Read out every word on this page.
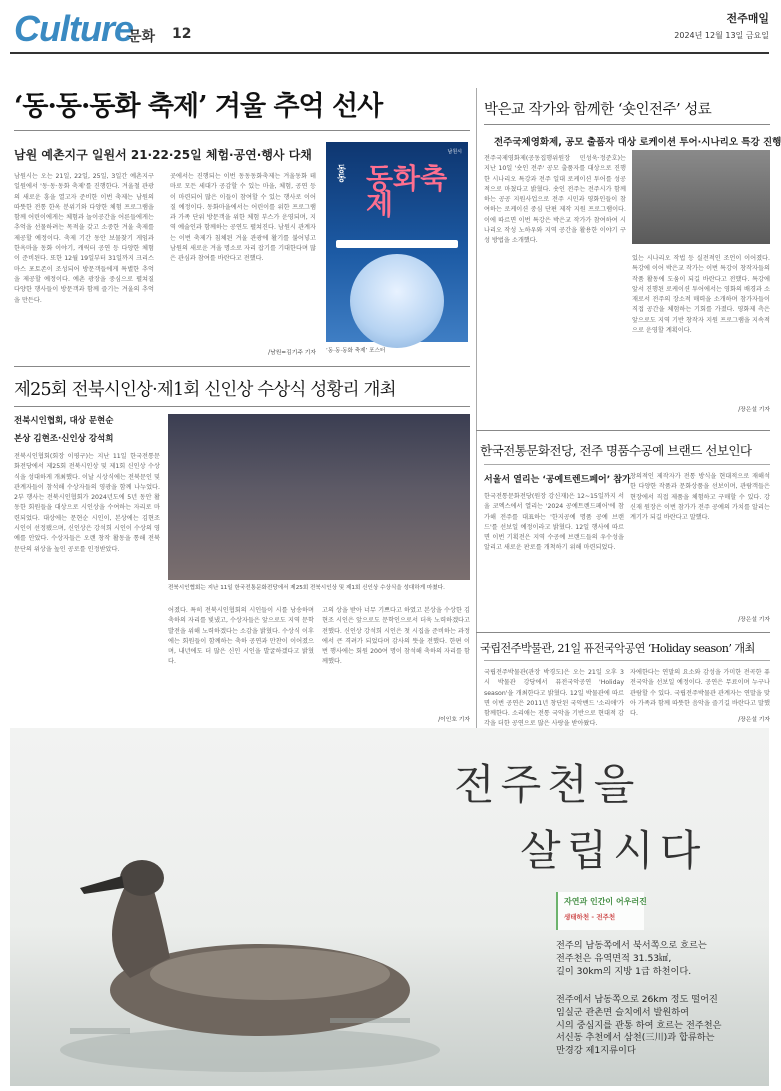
Culture
문화 12
전주매일
2024년 12월 13일 금요일
‘동·동·동화 축제’ 겨울 추억 선사
남원 예촌지구 일원서 21·22·25일 체험·공연·행사 다채
남원시는 오는 21일, 22일, 25일, 3일간 예촌지구 일원에서 '동·동·동화 축제'를 진행한다. 겨울철 관광의 새로운 흥을 열고자 준비한 이번 축제는 남원의 따뜻한 전통 한옥 분위기와 다양한 체험 프로그램을 함께 어린이에게는 체험과 놀이공간을 어른들에게는 추억을 선물하려는 목적을 갖고 소중한 겨울 축제를 제공할 예정이다. 축제 기간 동안 보물찾기 게임과 한옥마을 동화 이야기, 캐릭터 공연 등 다양한 체험이 준비된다. 또한 12월 19일부터 31일까지 크리스마스 포토존이 조성되어 방문객들에게 특별한 추억을 제공할 예정이다. 예촌 광장을 중심으로 펼쳐질 다양한 행사들이 방문객과 함께 즐기는 겨울의 추억을 만든다.
곳에서는 진행되는 이번 동동동화축제는 겨울동화 테마로 모든 세대가 공감할 수 있는 마을, 체험, 공연 등이 마련되어 많은 이들이 참여할 수 있는 행사로 이어질 예정이다. 동화마을에서는 어린이를 위한 프로그램과 가족 단위 방문객을 위한 체험 부스가 운영되며, 지역 예술인과 함께하는 공연도 펼쳐진다. 남원시 관계자는 이번 축제가 침체된 겨울 관광에 활기를 불어넣고 남원의 새로운 겨울 명소로 자리 잡기를 기대한다며 많은 관심과 참여를 바란다고 전했다.
/남원=김기주 기자
남원시
동동 동화축제
‘동·동·동화 축제’ 포스터
박은교 작가와 함께한 ‘숏인전주’ 성료
전주국제영화제, 공모 출품자 대상 로케이션 투어·시나리오 특강 진행
전주국제영화제(공동집행위원장 민성욱·정준호)는 지난 10일 '숏인 전주' 공모 출품자를 대상으로 진행한 시나리오 특강과 전주 일대 로케이션 투어를 성공적으로 마쳤다고 밝혔다. 숏인 전주는 전주시가 함께하는 공공 지원사업으로 전주 시민과 영화인들이 참여하는 로케이션 중심 단편 제작 지원 프로그램이다. 이에 따르면 이번 특강은 박은교 작가가 참여하여 시나리오 작성 노하우와 지역 공간을 활용한 이야기 구성 방법을 소개했다.
있는 시나리오 작법 등 실전적인 조언이 이어졌다. 특강에 이어 박은교 작가는 이번 특강이 창작자들의 작품 활동에 도움이 되길 바란다고 전했다. 특강에 앞서 진행된 로케이션 투어에서는 영화의 배경과 소재로서 전주의 장소적 매력을 소개하며 참가자들이 직접 공간을 체험하는 기회를 가졌다. 영화제 측은 앞으로도 지역 기반 창작자 지원 프로그램을 지속적으로 운영할 계획이다.
/장은설 기자
제25회 전북시인상·제1회 신인상 수상식 성황리 개최
전북시인협회, 대상 문현순
본상 김현조·신인상 강석희
전북시인협회(회장 이평구)는 지난 11일 한국전통문화전당에서 제25회 전북시인상 및 제1회 신인상 수상식을 성대하게 개최했다. 이날 시상식에는 전북문인 및 관계자들이 참석해 수상자들의 영광을 함께 나누었다. 2부 행사는 전북시인협회가 2024년도에 5년 동안 활동한 회원들을 대상으로 시인상을 수여하는 자리로 마련되었다. 대상에는 문현순 시인이, 본상에는 김현조 시인이 선정됐으며, 신인상은 강석희 시인이 수상의 영예를 안았다. 수상자들은 오랜 창작 활동을 통해 전북 문단의 위상을 높인 공로를 인정받았다.
전북시인협회는 지난 11일 한국전통문화전당에서 제25회 전북시인상 및 제1회 신인상 수상식을 성대하게 마쳤다.
어졌다. 특히 전북시인협회의 시인들이 시를 낭송하며 축하의 자리를 빛냈고, 수상자들은 앞으로도 지역 문학 발전을 위해 노력하겠다는 소감을 밝혔다. 수상식 이후에는 회원들이 함께하는 축하 공연과 만찬이 이어졌으며, 내년에도 더 많은 신인 시인을 발굴하겠다고 밝혔다.
고의 상을 받아 너무 기쁘다고 하였고 본상을 수상한 김현조 시인은 앞으로도 문학인으로서 더욱 노력하겠다고 전했다. 신인상 강석희 시인은 첫 시집을 준비하는 과정에서 큰 격려가 되었다며 감사의 뜻을 전했다. 한편 이번 행사에는 회원 200여 명이 참석해 축하의 자리를 함께했다.
/이인호 기자
한국전통문화전당, 전주 명품수공예 브랜드 선보인다
서울서 열리는 ‘공예트렌드페어’ 참가
한국전통문화전당(원장 강신재)은 12~15일까지 서울 코엑스에서 열리는 '2024 공예트렌드페어'에 참가해 전주를 대표하는 '한지공예 명품 공예 브랜드'를 선보일 예정이라고 밝혔다. 12일 행사에 따르면 이번 기획전은 지역 수공예 브랜드들의 우수성을 알리고 새로운 판로를 개척하기 위해 마련되었다.
창의적인 제작자가 전통 방식을 현대적으로 재해석한 다양한 작품과 문화상품을 선보이며, 관람객들은 현장에서 직접 제품을 체험하고 구매할 수 있다. 강신재 원장은 이번 참가가 전주 공예의 가치를 알리는 계기가 되길 바란다고 말했다.
/장은설 기자
국립전주박물관, 21일 퓨전국악공연 ‘Holiday season’ 개최
국립전주박물관(관장 박경도)은 오는 21일 오후 3시 박물관 강당에서 퓨전국악공연 'Holiday season'을 개최한다고 밝혔다. 12일 박물관에 따르면 이번 공연은 2011년 창단된 국악밴드 '소리애'가 함께한다. 소리애는 전통 국악을 기반으로 현대적 감각을 더한 공연으로 많은 사랑을 받아왔다.
자에한다는 연말의 요소와 감성을 가미한 전곡한 퓨전국악을 선보일 예정이다. 공연은 무료이며 누구나 관람할 수 있다. 국립전주박물관 관계자는 연말을 맞아 가족과 함께 따뜻한 음악을 즐기길 바란다고 말했다.
/장은설 기자
전주천을
살립시다
자연과 인간이 어우러진
생태하천 - 전주천
전주의 남동쪽에서 북서쪽으로 흐르는
전주천은 유역면적 31.53㎢,
길이 30km의 지방 1급 하천이다.
전주에서 남동쪽으로 26km 정도 떨어진
임실군 관촌면 슬치에서 발원하여
시의 중심지를 관통 하여 흐르는 전주천은
서신동 추천에서 삼천(三川)과 합류하는
만경강 제1지류이다
